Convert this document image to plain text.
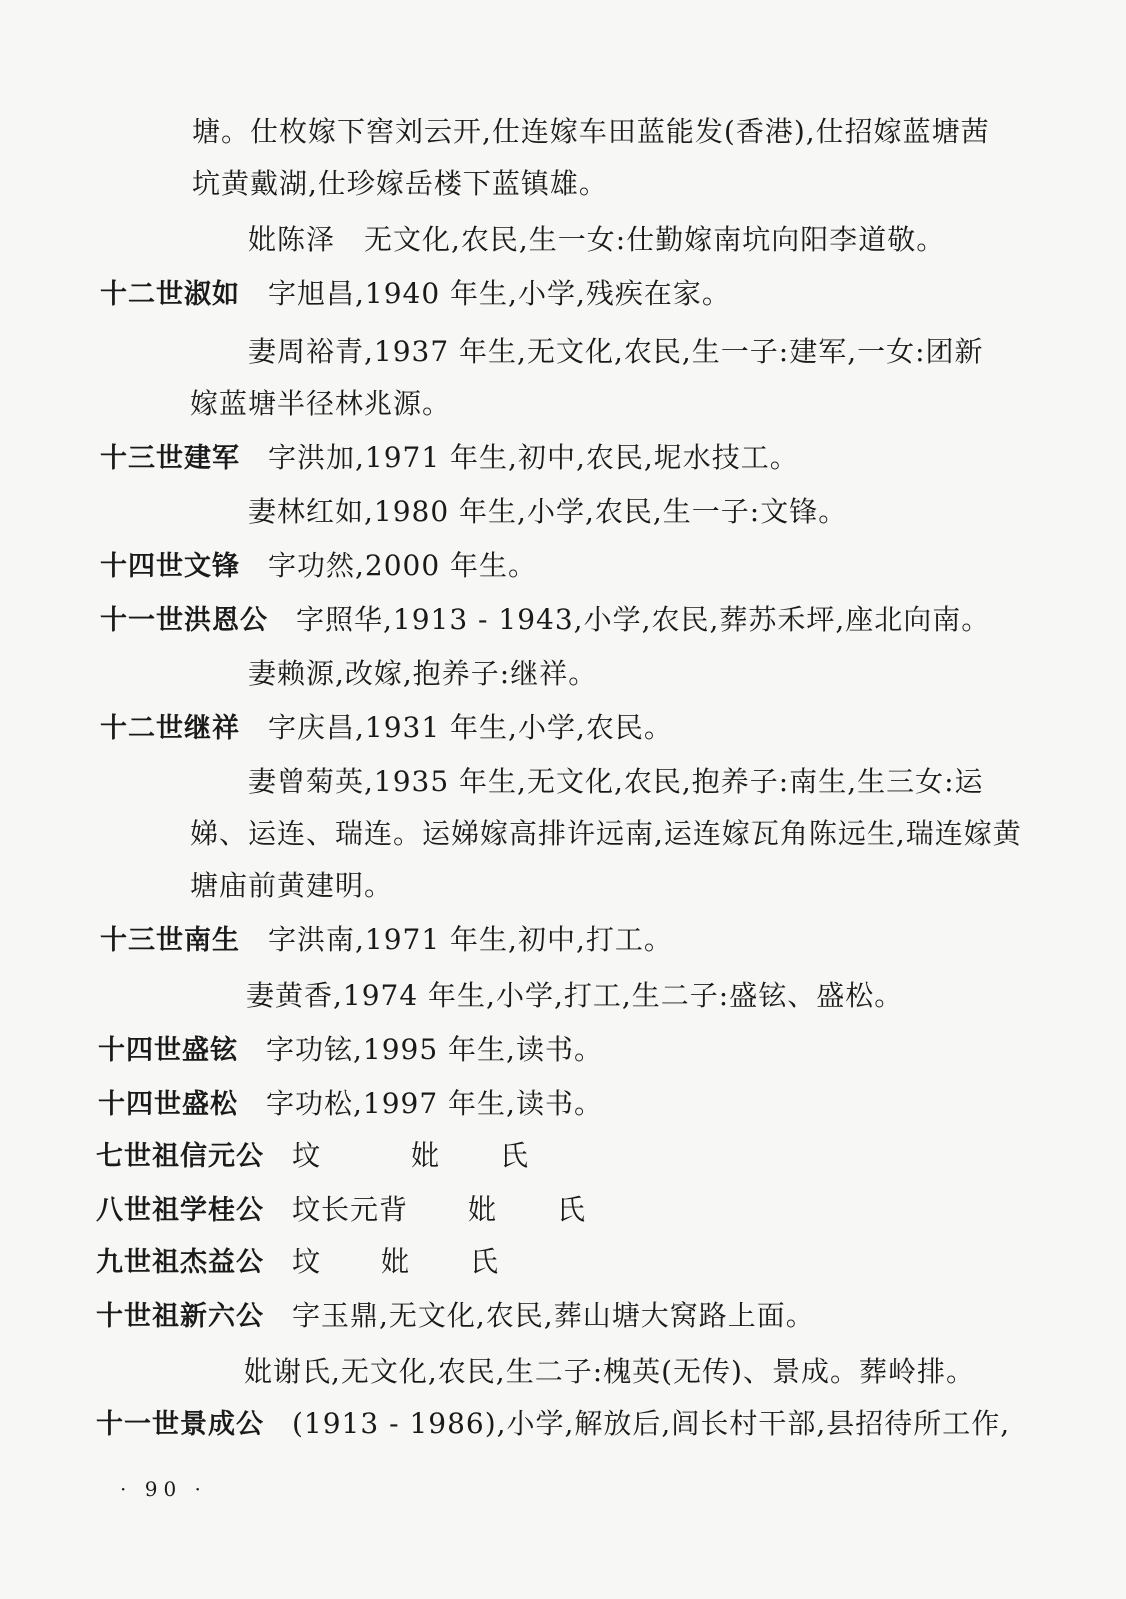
塘。仕枚嫁下窖刘云开,仕连嫁车田蓝能发(香港),仕招嫁蓝塘茜
坑黄戴湖,仕珍嫁岳楼下蓝镇雄。
妣陈泽　无文化,农民,生一女:仕勤嫁南坑向阳李道敬。
十二世淑如 字旭昌,1940 年生,小学,残疾在家。
妻周裕青,1937 年生,无文化,农民,生一子:建军,一女:团新
嫁蓝塘半径林兆源。
十三世建军 字洪加,1971 年生,初中,农民,坭水技工。
妻林红如,1980 年生,小学,农民,生一子:文锋。
十四世文锋 字功然,2000 年生。
十一世洪恩公 字照华,1913 - 1943,小学,农民,葬苏禾坪,座北向南。
妻赖源,改嫁,抱养子:继祥。
十二世继祥 字庆昌,1931 年生,小学,农民。
妻曾菊英,1935 年生,无文化,农民,抱养子:南生,生三女:运
娣、运连、瑞连。运娣嫁高排许远南,运连嫁瓦角陈远生,瑞连嫁黄
塘庙前黄建明。
十三世南生 字洪南,1971 年生,初中,打工。
妻黄香,1974 年生,小学,打工,生二子:盛铉、盛松。
十四世盛铉 字功铉,1995 年生,读书。
十四世盛松 字功松,1997 年生,读书。
七世祖信元公 坟	妣 氏
八世祖学桂公 坟长元背 妣 氏
九世祖杰益公 坟 妣 氏
十世祖新六公 字玉鼎,无文化,农民,葬山塘大窝路上面。
妣谢氏,无文化,农民,生二子:槐英(无传)、景成。葬岭排。
十一世景成公 (1913 - 1986),小学,解放后,闾长村干部,县招待所工作,
· 90 ·
